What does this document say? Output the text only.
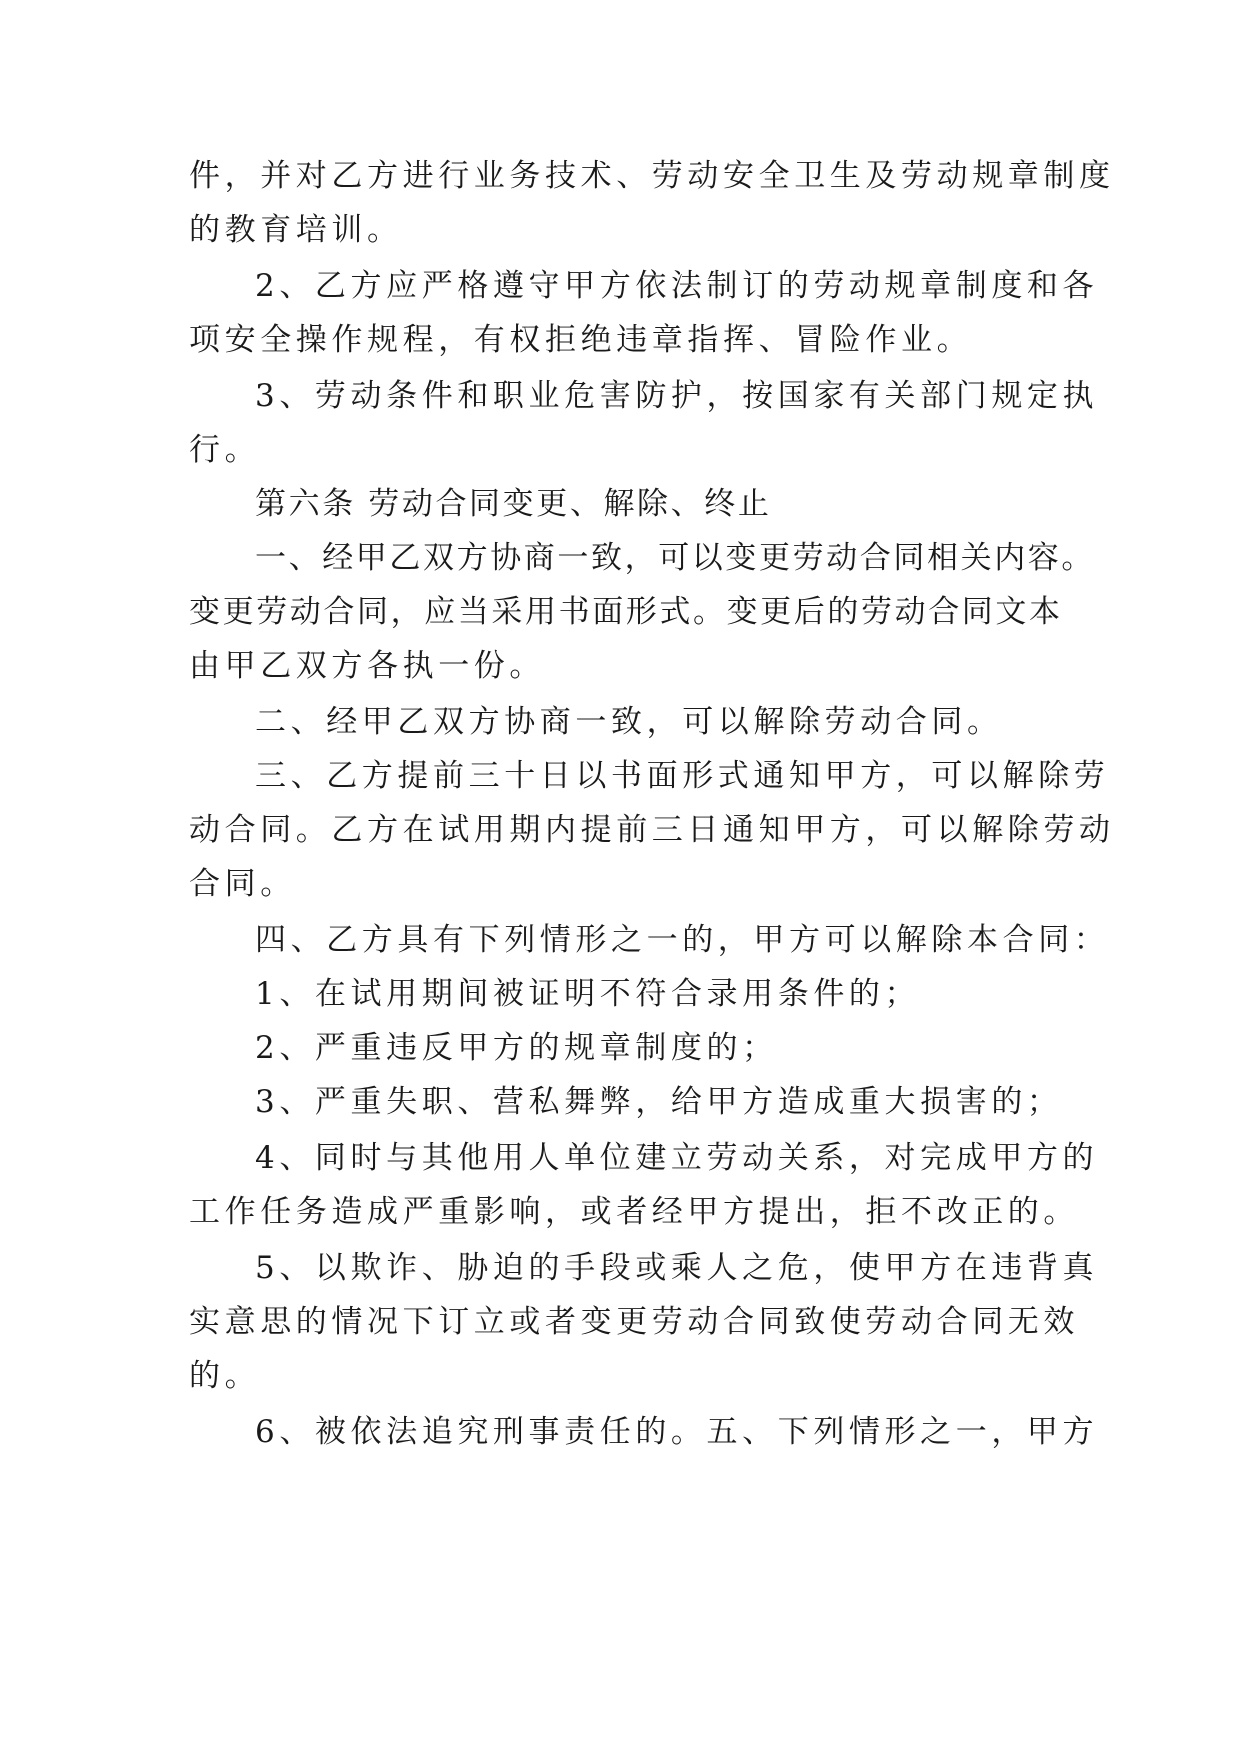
件，并对乙方进行业务技术、劳动安全卫生及劳动规章制度
的教育培训。
2、乙方应严格遵守甲方依法制订的劳动规章制度和各
项安全操作规程，有权拒绝违章指挥、冒险作业。
3、劳动条件和职业危害防护，按国家有关部门规定执
行。
第六条 劳动合同变更、解除、终止
一、经甲乙双方协商一致，可以变更劳动合同相关内容。
变更劳动合同，应当采用书面形式。变更后的劳动合同文本
由甲乙双方各执一份。
二、经甲乙双方协商一致，可以解除劳动合同。
三、乙方提前三十日以书面形式通知甲方，可以解除劳
动合同。乙方在试用期内提前三日通知甲方，可以解除劳动
合同。
四、乙方具有下列情形之一的，甲方可以解除本合同：
1、在试用期间被证明不符合录用条件的；
2、严重违反甲方的规章制度的；
3、严重失职、营私舞弊，给甲方造成重大损害的；
4、同时与其他用人单位建立劳动关系，对完成甲方的
工作任务造成严重影响，或者经甲方提出，拒不改正的。
5、以欺诈、胁迫的手段或乘人之危，使甲方在违背真
实意思的情况下订立或者变更劳动合同致使劳动合同无效
的。
6、被依法追究刑事责任的。五、下列情形之一，甲方
